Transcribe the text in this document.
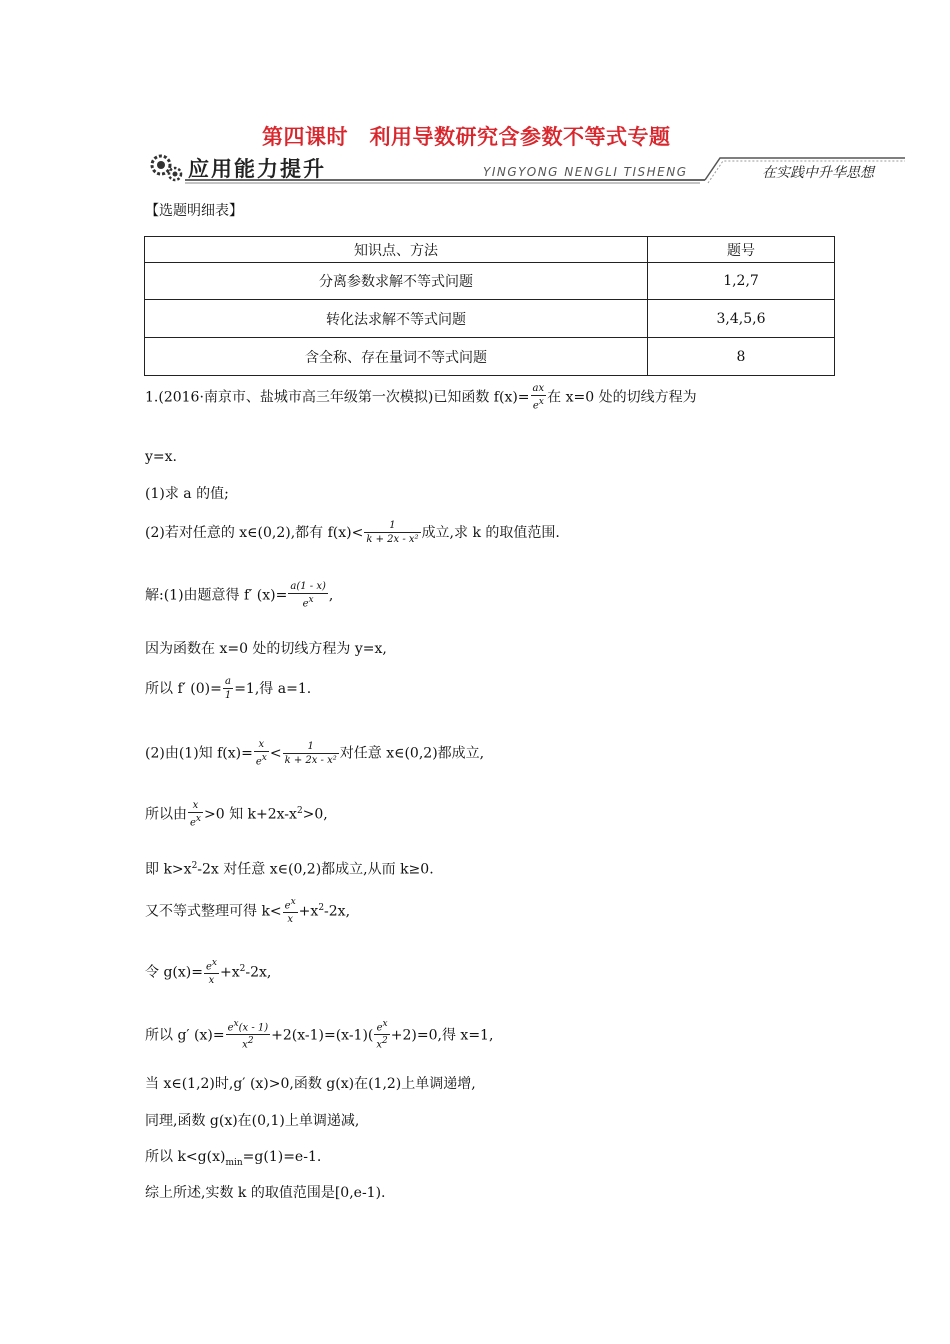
第四课时　利用导数研究含参数不等式专题
应用能力提升	YINGYONG NENGLI TISHENG	在实践中升华思想
【选题明细表】
知识点、方法	题号
分离参数求解不等式问题	1,2,7
转化法求解不等式问题	3,4,5,6
含全称、存在量词不等式问题	8
1.(2016·南京市、盐城市高三年级第一次模拟)已知函数 $f(x)= \frac{ax}{e^x}$ 在 x=0 处的切线方程为
y=x.
(1)求 a 的值;
(2)若对任意的 x∈(0,2),都有 $f(x)< \frac{1}{\text{k + 2x - x²}}$ 成立,求 k 的取值范围.
解:(1)由题意得 f′ $(x)= \frac{a(1 - x)}{e^x}$ ,
因为函数在 x=0 处的切线方程为 y=x,
所以 f′ $(0)= \frac{a}{1} =1$,得 a=1.
(2)由(1)知 $f(x)= \frac{x}{e^x} < \frac{1}{\text{k + 2x - x²}}$ 对任意 x∈(0,2)都成立,
所以由 $\frac{x}{e^x} >0$ 知 $k+2x-x^2>0$,
即 $k>x^2-2x$ 对任意 x∈(0,2)都成立,从而 k≥0.
又不等式整理可得 $k< \frac{e^x}{x} +x^2-2x$,
令 $g(x)= \frac{e^x}{x} +x^2-2x$,
所以 g′ $(x)= \frac{e^x(x - 1)}{x^2} +2(x-1)=(x-1)( \frac{e^x}{x^2} +2)=0$,得 x=1,
当 x∈(1,2)时,g′ (x)>0,函数 g(x)在(1,2)上单调递增,
同理,函数 g(x)在(0,1)上单调递减,
所以 $k<g(x)_{min}=g(1)=e-1$.
综上所述,实数 k 的取值范围是[0,e-1).
